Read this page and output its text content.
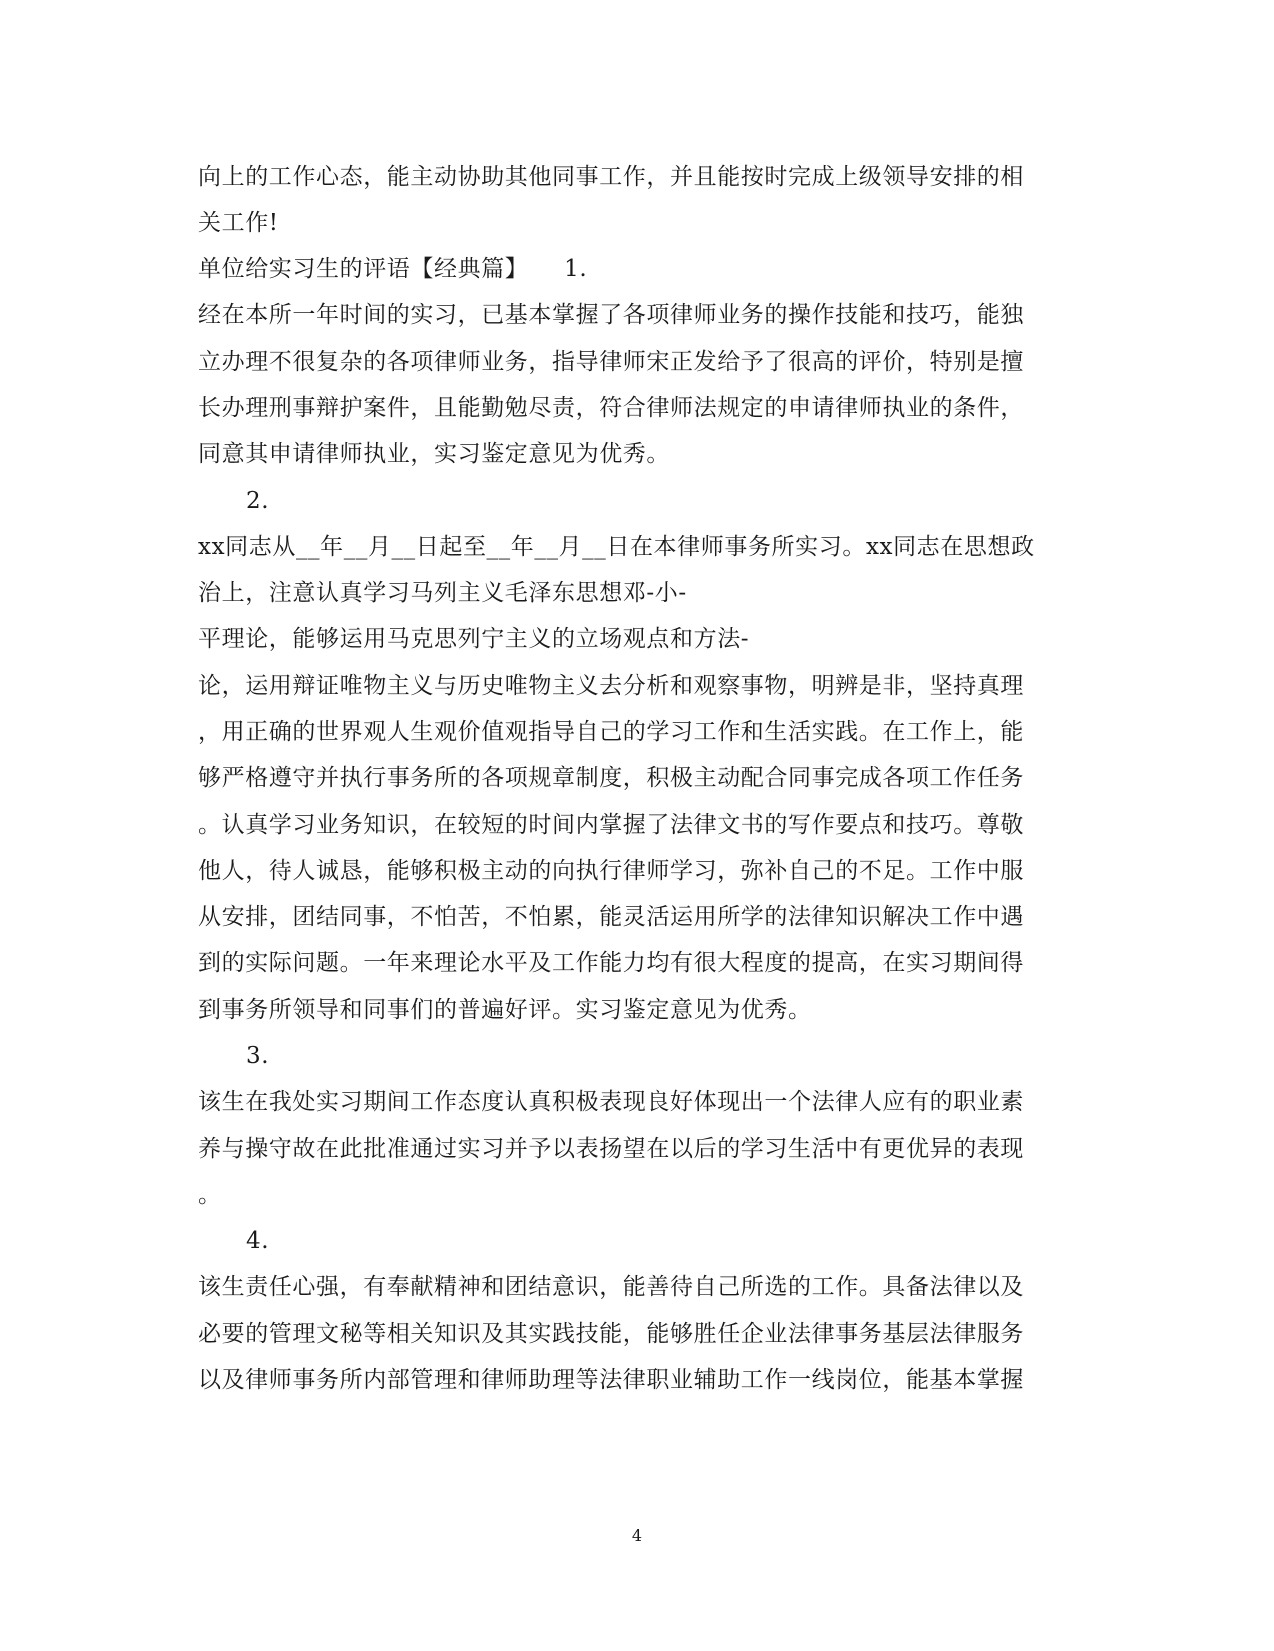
向上的工作心态，能主动协助其他同事工作，并且能按时完成上级领导安排的相
关工作!
单位给实习生的评语【经典篇】　　1.
经在本所一年时间的实习，已基本掌握了各项律师业务的操作技能和技巧，能独
立办理不很复杂的各项律师业务，指导律师宋正发给予了很高的评价，特别是擅
长办理刑事辩护案件，且能勤勉尽责，符合律师法规定的申请律师执业的条件，
同意其申请律师执业，实习鉴定意见为优秀。
2.
xx同志从__年__月__日起至__年__月__日在本律师事务所实习。xx同志在思想政
治上，注意认真学习马列主义毛泽东思想邓-小-
平理论，能够运用马克思列宁主义的立场观点和方法-
论，运用辩证唯物主义与历史唯物主义去分析和观察事物，明辨是非，坚持真理
，用正确的世界观人生观价值观指导自己的学习工作和生活实践。在工作上，能
够严格遵守并执行事务所的各项规章制度，积极主动配合同事完成各项工作任务
。认真学习业务知识，在较短的时间内掌握了法律文书的写作要点和技巧。尊敬
他人，待人诚恳，能够积极主动的向执行律师学习，弥补自己的不足。工作中服
从安排，团结同事，不怕苦，不怕累，能灵活运用所学的法律知识解决工作中遇
到的实际问题。一年来理论水平及工作能力均有很大程度的提高，在实习期间得
到事务所领导和同事们的普遍好评。实习鉴定意见为优秀。
3.
该生在我处实习期间工作态度认真积极表现良好体现出一个法律人应有的职业素
养与操守故在此批准通过实习并予以表扬望在以后的学习生活中有更优异的表现
。
4.
该生责任心强，有奉献精神和团结意识，能善待自己所选的工作。具备法律以及
必要的管理文秘等相关知识及其实践技能，能够胜任企业法律事务基层法律服务
以及律师事务所内部管理和律师助理等法律职业辅助工作一线岗位，能基本掌握
4
